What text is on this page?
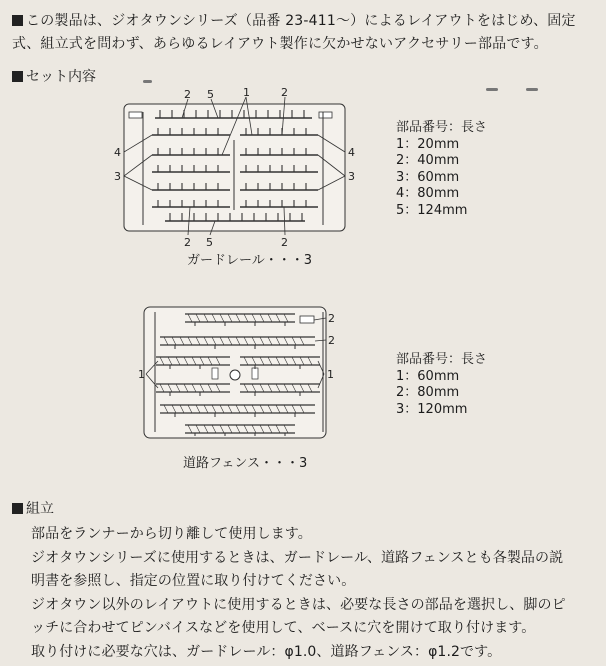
この製品は、ジオタウンシリーズ（品番 23-411～）によるレイアウトをはじめ、固定
式、組立式を問わず、あらゆるレイアウト製作に欠かせないアクセサリー部品です。
セット内容
2 5	1	2
4
3
4
3
2 5	2
2
2
1	1
ガードレール・・・3
部品番号：長さ
1：20mm
2：40mm
3：60mm
4：80mm
5：124mm
道路フェンス・・・3
部品番号：長さ
1：60mm
2：80mm
3：120mm
組立
部品をランナーから切り離して使用します。
ジオタウンシリーズに使用するときは、ガードレール、道路フェンスとも各製品の説
明書を参照し、指定の位置に取り付けてください。
ジオタウン以外のレイアウトに使用するときは、必要な長さの部品を選択し、脚のピ
ッチに合わせてピンバイスなどを使用して、ベースに穴を開けて取り付けます。
取り付けに必要な穴は、ガードレール：φ1.0、道路フェンス：φ1.2です。
